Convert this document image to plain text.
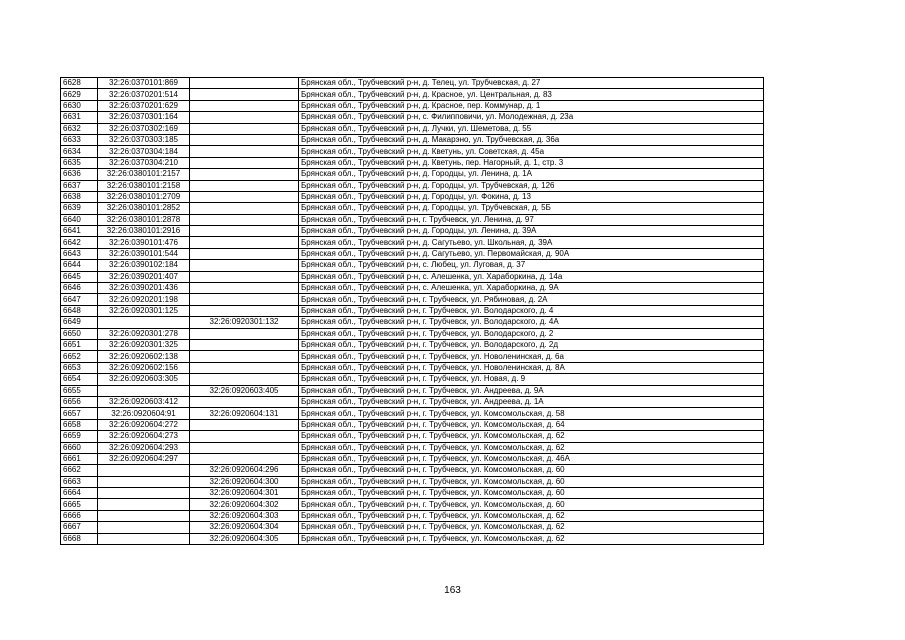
6628	32:26:0370101:869		Брянская обл., Трубчевский р-н, д. Телец, ул. Трубчевская, д. 27
6629	32:26:0370201:514		Брянская обл., Трубчевский р-н, д. Красное, ул. Центральная, д. 83
6630	32:26:0370201:629		Брянская обл., Трубчевский р-н, д. Красное, пер. Коммунар, д. 1
6631	32:26:0370301:164		Брянская обл., Трубчевский р-н, с. Филипповичи, ул. Молодежная, д. 23а
6632	32:26:0370302:169		Брянская обл., Трубчевский р-н, д. Лучки, ул. Шеметова, д. 55
6633	32:26:0370303:185		Брянская обл., Трубчевский р-н, д. Макарэно, ул. Трубчевская, д. 36а
6634	32:26:0370304:184		Брянская обл., Трубчевский р-н, д. Кветунь, ул. Советская, д. 45а
6635	32:26:0370304:210		Брянская обл., Трубчевский р-н, д. Кветунь, пер. Нагорный, д. 1, стр. 3
6636	32:26:0380101:2157		Брянская обл., Трубчевский р-н, д. Городцы, ул. Ленина, д. 1А
6637	32:26:0380101:2158		Брянская обл., Трубчевский р-н, д. Городцы, ул. Трубчевская, д. 126
6638	32:26:0380101:2709		Брянская обл., Трубчевский р-н, д. Городцы, ул. Фокина, д. 13
6639	32:26:0380101:2852		Брянская обл., Трубчевский р-н, д. Городцы, ул. Трубчевская, д. 5Б
6640	32:26:0380101:2878		Брянская обл., Трубчевский р-н, г. Трубчевск, ул. Ленина, д. 97
6641	32:26:0380101:2916		Брянская обл., Трубчевский р-н, д. Городцы, ул. Ленина, д. 39А
6642	32:26:0390101:476		Брянская обл., Трубчевский р-н, д. Сагутьево, ул. Школьная, д. 39А
6643	32:26:0390101:544		Брянская обл., Трубчевский р-н, д. Сагутьево, ул. Первомайская, д. 90А
6644	32:26:0390102:184		Брянская обл., Трубчевский р-н, с. Любец, ул. Луговая, д. 37
6645	32:26:0390201:407		Брянская обл., Трубчевский р-н, с. Алешенка, ул. Хараборкина, д. 14а
6646	32:26:0390201:436		Брянская обл., Трубчевский р-н, с. Алешенка, ул. Хараборкина, д. 9А
6647	32:26:0920201:198		Брянская обл., Трубчевский р-н, г. Трубчевск, ул. Рябиновая, д. 2А
6648	32:26:0920301:125		Брянская обл., Трубчевский р-н, г. Трубчевск, ул. Володарского, д. 4
6649		32:26:0920301:132	Брянская обл., Трубчевский р-н, г. Трубчевск, ул. Володарского, д. 4А
6650	32:26:0920301:278		Брянская обл., Трубчевский р-н, г. Трубчевск, ул. Володарского, д. 2
6651	32:26:0920301:325		Брянская обл., Трубчевский р-н, г. Трубчевск, ул. Володарского, д. 2д
6652	32:26:0920602:138		Брянская обл., Трубчевский р-н, г. Трубчевск, ул. Новоленинская, д. 6а
6653	32:26:0920602:156		Брянская обл., Трубчевский р-н, г. Трубчевск, ул. Новоленинская, д. 8А
6654	32:26:0920603:305		Брянская обл., Трубчевский р-н, г. Трубчевск, ул. Новая, д. 9
6655		32:26:0920603:405	Брянская обл., Трубчевский р-н, г. Трубчевск, ул. Андреева, д. 9А
6656	32:26:0920603:412		Брянская обл., Трубчевский р-н, г. Трубчевск, ул. Андреева, д. 1А
6657	32:26:0920604:91	32:26:0920604:131	Брянская обл., Трубчевский р-н, г. Трубчевск, ул. Комсомольская, д. 58
6658	32:26:0920604:272		Брянская обл., Трубчевский р-н, г. Трубчевск, ул. Комсомольская, д. 64
6659	32:26:0920604:273		Брянская обл., Трубчевский р-н, г. Трубчевск, ул. Комсомольская, д. 62
6660	32:26:0920604:293		Брянская обл., Трубчевский р-н, г. Трубчевск, ул. Комсомольская, д. 62
6661	32:26:0920604:297		Брянская обл., Трубчевский р-н, г. Трубчевск, ул. Комсомольская, д. 46А
6662		32:26:0920604:296	Брянская обл., Трубчевский р-н, г. Трубчевск, ул. Комсомольская, д. 60
6663		32:26:0920604:300	Брянская обл., Трубчевский р-н, г. Трубчевск, ул. Комсомольская, д. 60
6664		32:26:0920604:301	Брянская обл., Трубчевский р-н, г. Трубчевск, ул. Комсомольская, д. 60
6665		32:26:0920604:302	Брянская обл., Трубчевский р-н, г. Трубчевск, ул. Комсомольская, д. 60
6666		32:26:0920604:303	Брянская обл., Трубчевский р-н, г. Трубчевск, ул. Комсомольская, д. 62
6667		32:26:0920604:304	Брянская обл., Трубчевский р-н, г. Трубчевск, ул. Комсомольская, д. 62
6668		32:26:0920604:305	Брянская обл., Трубчевский р-н, г. Трубчевск, ул. Комсомольская, д. 62
163
